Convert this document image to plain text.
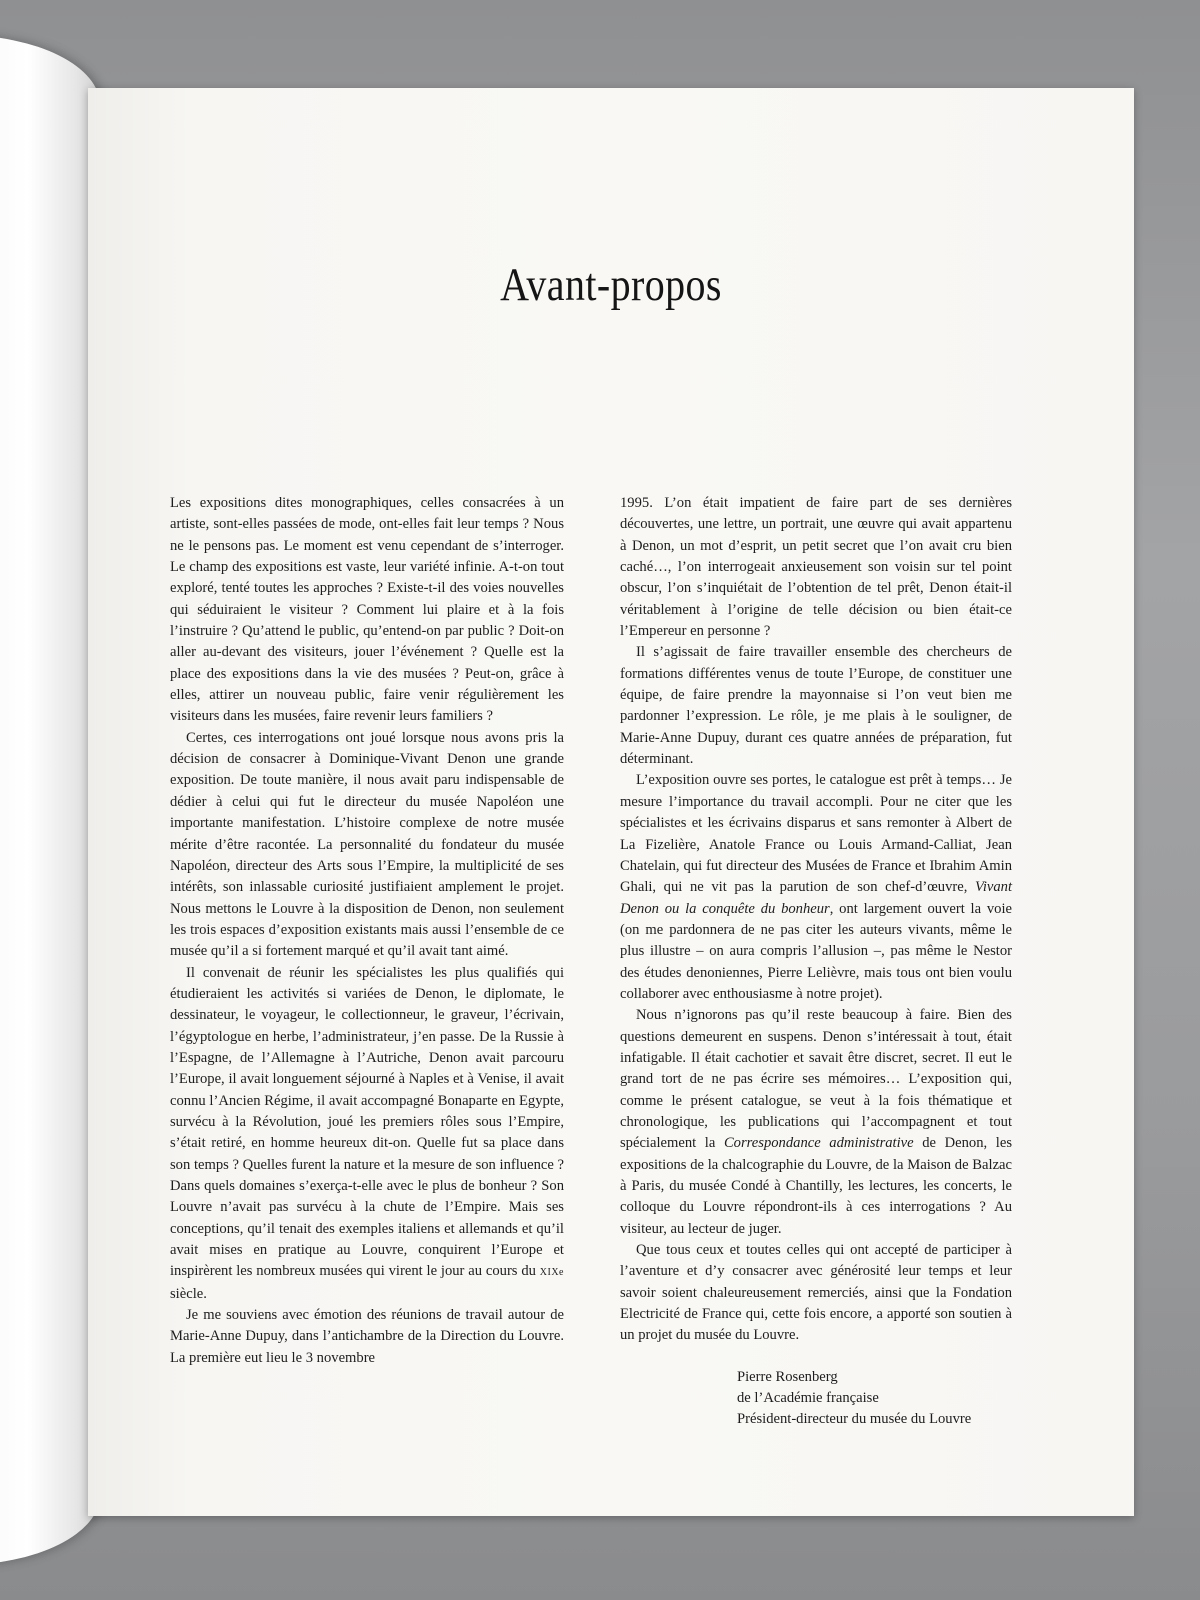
Avant-propos

Les expositions dites monographiques, celles consacrées à un artiste, sont-elles passées de mode, ont-elles fait leur temps ? Nous ne le pensons pas. Le moment est venu cependant de s’interroger. Le champ des expositions est vaste, leur variété infinie. A-t-on tout exploré, tenté toutes les approches ? Existe-t-il des voies nouvelles qui séduiraient le visiteur ? Comment lui plaire et à la fois l’instruire ? Qu’attend le public, qu’entend-on par public ? Doit-on aller au-devant des visiteurs, jouer l’événement ? Quelle est la place des expositions dans la vie des musées ? Peut-on, grâce à elles, attirer un nouveau public, faire venir régulièrement les visiteurs dans les musées, faire revenir leurs familiers ?

Certes, ces interrogations ont joué lorsque nous avons pris la décision de consacrer à Dominique-Vivant Denon une grande exposition. De toute manière, il nous avait paru indispensable de dédier à celui qui fut le directeur du musée Napoléon une importante manifestation. L’histoire complexe de notre musée mérite d’être racontée. La personnalité du fondateur du musée Napoléon, directeur des Arts sous l’Empire, la multiplicité de ses intérêts, son inlassable curiosité justifiaient amplement le projet. Nous mettons le Louvre à la disposition de Denon, non seulement les trois espaces d’exposition existants mais aussi l’ensemble de ce musée qu’il a si fortement marqué et qu’il avait tant aimé.

Il convenait de réunir les spécialistes les plus qualifiés qui étudieraient les activités si variées de Denon, le diplomate, le dessinateur, le voyageur, le collectionneur, le graveur, l’écrivain, l’égyptologue en herbe, l’administrateur, j’en passe. De la Russie à l’Espagne, de l’Allemagne à l’Autriche, Denon avait parcouru l’Europe, il avait longuement séjourné à Naples et à Venise, il avait connu l’Ancien Régime, il avait accompagné Bonaparte en Egypte, survécu à la Révolution, joué les premiers rôles sous l’Empire, s’était retiré, en homme heureux dit-on. Quelle fut sa place dans son temps ? Quelles furent la nature et la mesure de son influence ? Dans quels domaines s’exerça-t-elle avec le plus de bonheur ? Son Louvre n’avait pas survécu à la chute de l’Empire. Mais ses conceptions, qu’il tenait des exemples italiens et allemands et qu’il avait mises en pratique au Louvre, conquirent l’Europe et inspirèrent les nombreux musées qui virent le jour au cours du XIXe siècle.

Je me souviens avec émotion des réunions de travail autour de Marie-Anne Dupuy, dans l’antichambre de la Direction du Louvre. La première eut lieu le 3 novembre

1995. L’on était impatient de faire part de ses dernières découvertes, une lettre, un portrait, une œuvre qui avait appartenu à Denon, un mot d’esprit, un petit secret que l’on avait cru bien caché…, l’on interrogeait anxieusement son voisin sur tel point obscur, l’on s’inquiétait de l’obtention de tel prêt, Denon était-il véritablement à l’origine de telle décision ou bien était-ce l’Empereur en personne ?

Il s’agissait de faire travailler ensemble des chercheurs de formations différentes venus de toute l’Europe, de constituer une équipe, de faire prendre la mayonnaise si l’on veut bien me pardonner l’expression. Le rôle, je me plais à le souligner, de Marie-Anne Dupuy, durant ces quatre années de préparation, fut déterminant.

L’exposition ouvre ses portes, le catalogue est prêt à temps… Je mesure l’importance du travail accompli. Pour ne citer que les spécialistes et les écrivains disparus et sans remonter à Albert de La Fizelière, Anatole France ou Louis Armand-Calliat, Jean Chatelain, qui fut directeur des Musées de France et Ibrahim Amin Ghali, qui ne vit pas la parution de son chef-d’œuvre, Vivant Denon ou la conquête du bonheur, ont largement ouvert la voie (on me pardonnera de ne pas citer les auteurs vivants, même le plus illustre – on aura compris l’allusion –, pas même le Nestor des études denoniennes, Pierre Lelièvre, mais tous ont bien voulu collaborer avec enthousiasme à notre projet).

Nous n’ignorons pas qu’il reste beaucoup à faire. Bien des questions demeurent en suspens. Denon s’intéressait à tout, était infatigable. Il était cachotier et savait être discret, secret. Il eut le grand tort de ne pas écrire ses mémoires… L’exposition qui, comme le présent catalogue, se veut à la fois thématique et chronologique, les publications qui l’accompagnent et tout spécialement la Correspondance administrative de Denon, les expositions de la chalcographie du Louvre, de la Maison de Balzac à Paris, du musée Condé à Chantilly, les lectures, les concerts, le colloque du Louvre répondront-ils à ces interrogations ? Au visiteur, au lecteur de juger.

Que tous ceux et toutes celles qui ont accepté de participer à l’aventure et d’y consacrer avec générosité leur temps et leur savoir soient chaleureusement remerciés, ainsi que la Fondation Electricité de France qui, cette fois encore, a apporté son soutien à un projet du musée du Louvre.

Pierre Rosenberg
de l’Académie française
Président-directeur du musée du Louvre
